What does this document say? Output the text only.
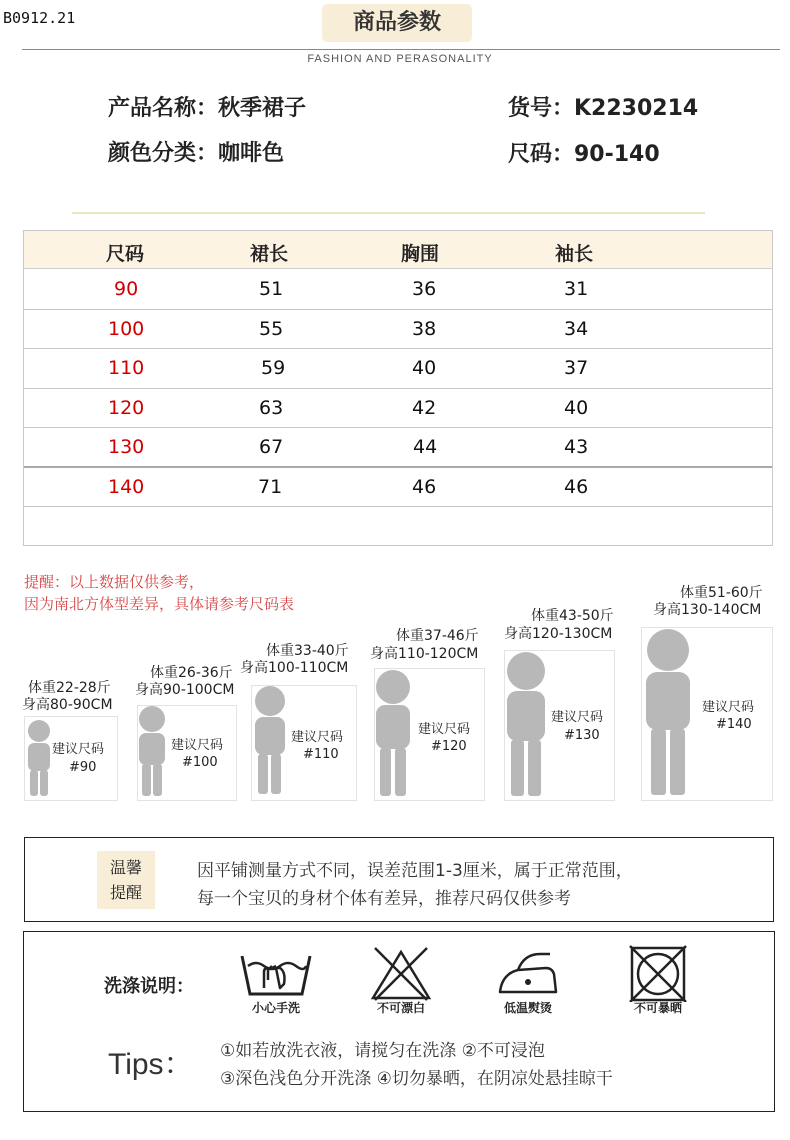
B0912.21	商品参数
FASHION AND PERASONALITY
产品名称：秋季裙子	货号：K2230214
颜色分类：咖啡色	尺码：90-140
尺码	裙长	胸围	袖长
90	51	36	31
100	55	38	34
110	59	40	37
120	63	42	40
130	67	44	43
140	71	46	46
提醒：以上数据仅供参考，
因为南北方体型差异，具体请参考尺码表
体重22-28斤
身高80-90CM
建议尺码
#90
体重26-36斤
身高90-100CM
建议尺码
#100
体重33-40斤
身高100-110CM
建议尺码
#110
体重37-46斤
身高110-120CM
建议尺码
#120
体重43-50斤
身高120-130CM
建议尺码
#130
体重51-60斤
身高130-140CM
建议尺码
#140
温馨
提醒
因平铺测量方式不同，误差范围1-3厘米，属于正常范围，
每一个宝贝的身材个体有差异，推荐尺码仅供参考
洗涤说明：
小心手洗	不可漂白	低温熨烫	不可暴晒
Tips： ①如若放洗衣液，请搅匀在洗涤 ②不可浸泡
③深色浅色分开洗涤 ④切勿暴晒，在阴凉处悬挂晾干
